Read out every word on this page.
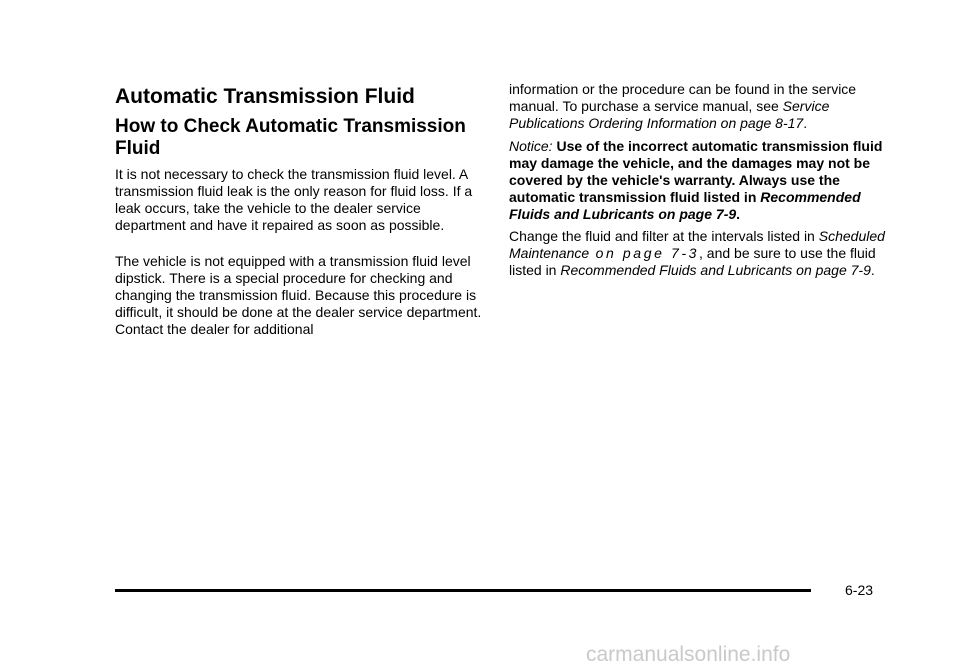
Automatic Transmission Fluid
How to Check Automatic Transmission Fluid

It is not necessary to check the transmission fluid level. A transmission fluid leak is the only reason for fluid loss. If a leak occurs, take the vehicle to the dealer service department and have it repaired as soon as possible.

The vehicle is not equipped with a transmission fluid level dipstick. There is a special procedure for checking and changing the transmission fluid. Because this procedure is difficult, it should be done at the dealer service department. Contact the dealer for additional

information or the procedure can be found in the service manual. To purchase a service manual, see Service Publications Ordering Information on page 8-17.

Notice: Use of the incorrect automatic transmission fluid may damage the vehicle, and the damages may not be covered by the vehicle's warranty. Always use the automatic transmission fluid listed in Recommended Fluids and Lubricants on page 7-9.

Change the fluid and filter at the intervals listed in Scheduled Maintenance on page 7-3, and be sure to use the fluid listed in Recommended Fluids and Lubricants on page 7-9.

6-23
carmanualsonline.info
